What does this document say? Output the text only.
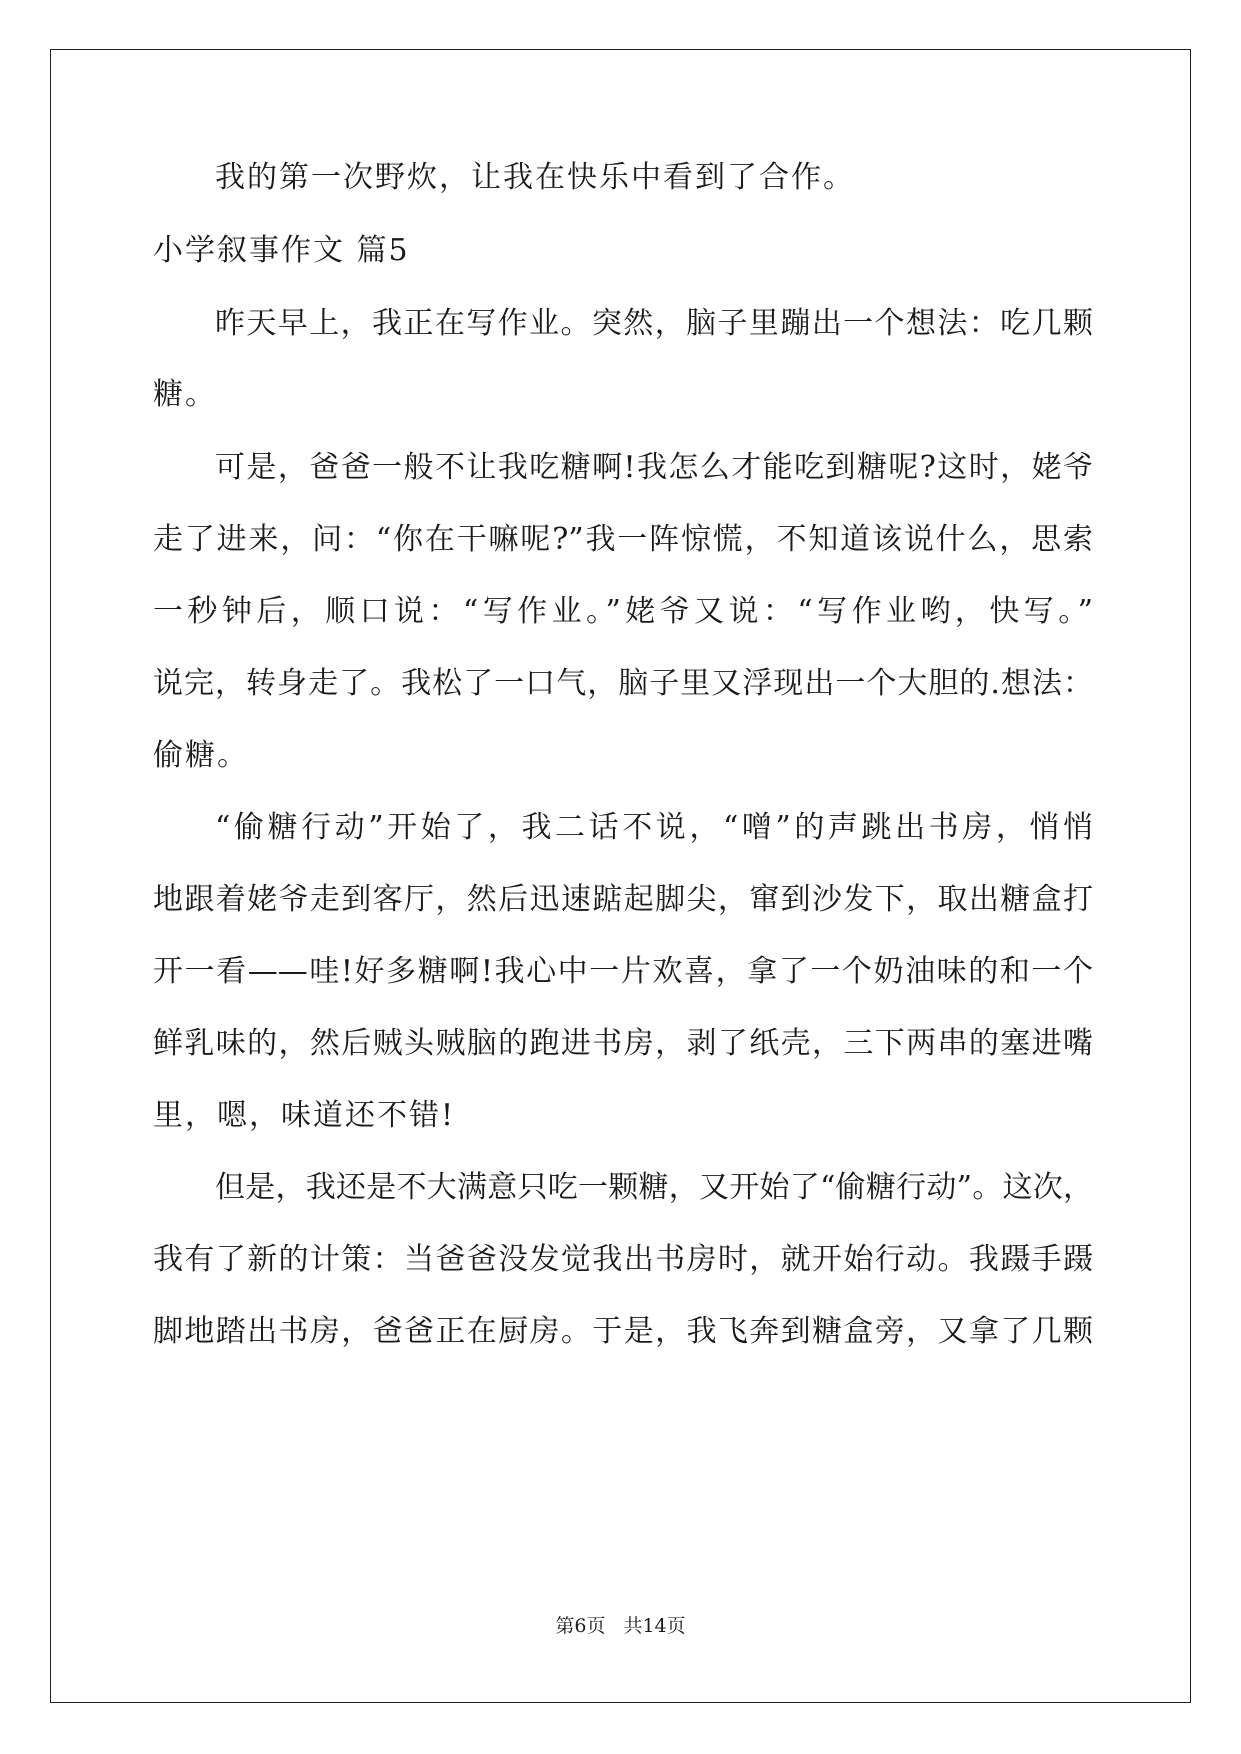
我的第一次野炊，让我在快乐中看到了合作。
小学叙事作文 篇5
昨天早上，我正在写作业。突然，脑子里蹦出一个想法：吃几颗
糖。
可是，爸爸一般不让我吃糖啊!我怎么才能吃到糖呢?这时，姥爷
走了进来，问：“你在干嘛呢?”我一阵惊慌，不知道该说什么，思索
一秒钟后，顺口说：“写作业。”姥爷又说：“写作业哟，快写。”
说完，转身走了。我松了一口气，脑子里又浮现出一个大胆的.想法：
偷糖。
“偷糖行动”开始了，我二话不说，“噌”的声跳出书房，悄悄
地跟着姥爷走到客厅，然后迅速踮起脚尖，窜到沙发下，取出糖盒打
开一看——哇!好多糖啊!我心中一片欢喜，拿了一个奶油味的和一个
鲜乳味的，然后贼头贼脑的跑进书房，剥了纸壳，三下两串的塞进嘴
里，嗯，味道还不错!
但是，我还是不大满意只吃一颗糖，又开始了“偷糖行动”。这次，
我有了新的计策：当爸爸没发觉我出书房时，就开始行动。我蹑手蹑
脚地踏出书房，爸爸正在厨房。于是，我飞奔到糖盒旁，又拿了几颗
第6页 共14页
